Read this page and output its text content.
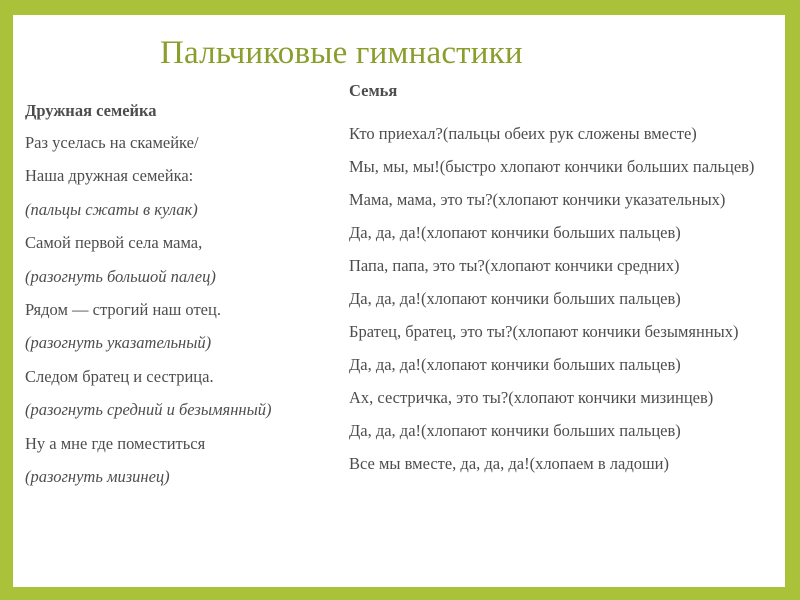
Пальчиковые гимнастики
Дружная семейка
Раз уселась на скамейке/
Наша дружная семейка:
(пальцы сжаты в кулак)
Самой первой села мама,
(разогнуть большой палец)
Рядом — строгий наш отец.
(разогнуть указательный)
Следом братец и сестрица.
(разогнуть средний и безымянный)
Ну а мне где поместиться
(разогнуть мизинец)
Семья
Кто приехал?(пальцы обеих рук сложены вместе)
Мы, мы, мы!(быстро хлопают кончики больших пальцев)
Мама, мама, это ты?(хлопают кончики указательных)
Да, да, да!(хлопают кончики больших пальцев)
Папа, папа, это ты?(хлопают кончики средних)
Да, да, да!(хлопают кончики больших пальцев)
Братец, братец, это ты?(хлопают кончики безымянных)
Да, да, да!(хлопают кончики больших пальцев)
Ах, сестричка, это ты?(хлопают кончики мизинцев)
Да, да, да!(хлопают кончики больших пальцев)
Все мы вместе, да, да, да!(хлопаем в ладоши)
